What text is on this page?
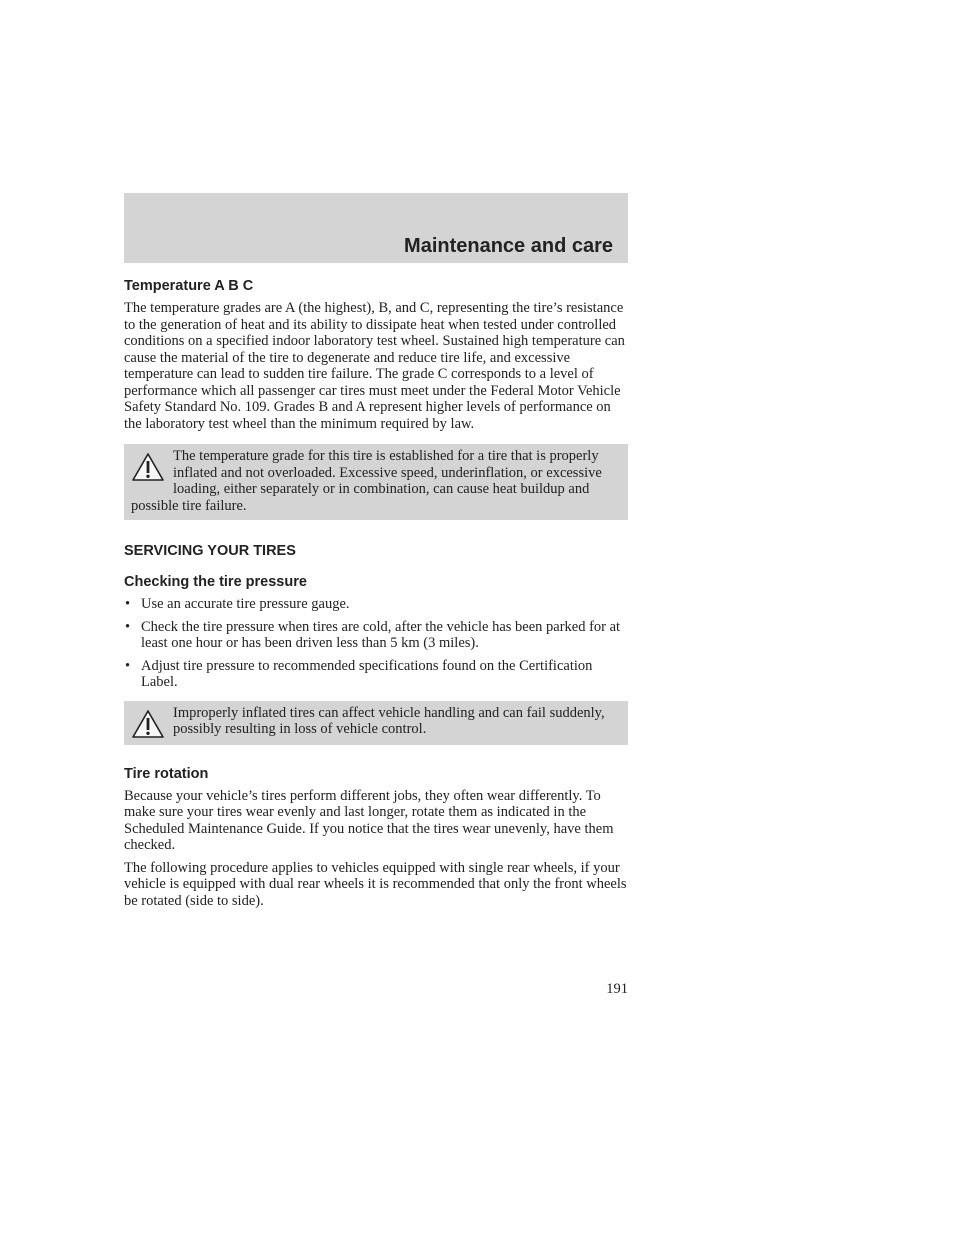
Maintenance and care
Temperature A B C

The temperature grades are A (the highest), B, and C, representing the tire’s resistance to the generation of heat and its ability to dissipate heat when tested under controlled conditions on a specified indoor laboratory test wheel. Sustained high temperature can cause the material of the tire to degenerate and reduce tire life, and excessive temperature can lead to sudden tire failure. The grade C corresponds to a level of performance which all passenger car tires must meet under the Federal Motor Vehicle Safety Standard No. 109. Grades B and A represent higher levels of performance on the laboratory test wheel than the minimum required by law.

The temperature grade for this tire is established for a tire that is properly inflated and not overloaded. Excessive speed, underinflation, or excessive loading, either separately or in combination, can cause heat buildup and possible tire failure.
SERVICING YOUR TIRES
Checking the tire pressure
• Use an accurate tire pressure gauge.
• Check the tire pressure when tires are cold, after the vehicle has been parked for at least one hour or has been driven less than 5 km (3 miles).
• Adjust tire pressure to recommended specifications found on the Certification Label.
Improperly inflated tires can affect vehicle handling and can fail suddenly, possibly resulting in loss of vehicle control.
Tire rotation

Because your vehicle’s tires perform different jobs, they often wear differently. To make sure your tires wear evenly and last longer, rotate them as indicated in the Scheduled Maintenance Guide. If you notice that the tires wear unevenly, have them checked.

The following procedure applies to vehicles equipped with single rear wheels, if your vehicle is equipped with dual rear wheels it is recommended that only the front wheels be rotated (side to side).

191
